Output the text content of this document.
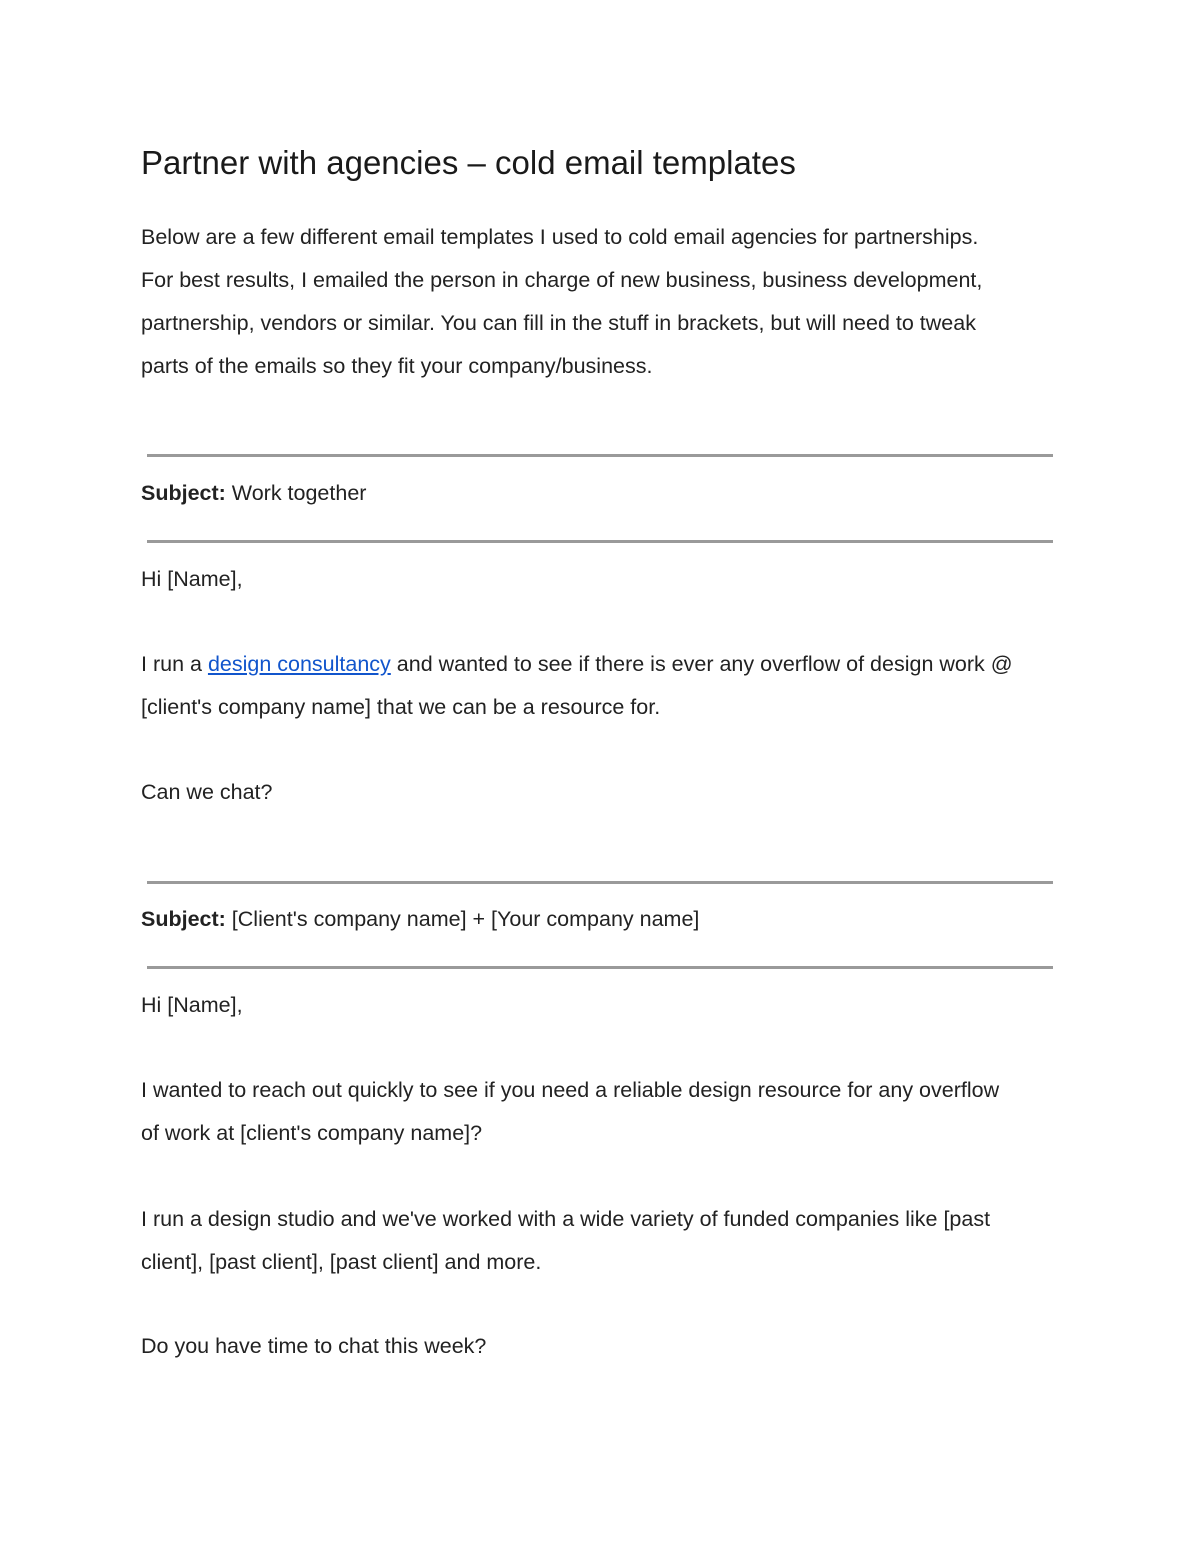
Partner with agencies – cold email templates

Below are a few different email templates I used to cold email agencies for partnerships.
For best results, I emailed the person in charge of new business, business development,
partnership, vendors or similar. You can fill in the stuff in brackets, but will need to tweak
parts of the emails so they fit your company/business.

Subject: Work together

Hi [Name],

I run a design consultancy and wanted to see if there is ever any overflow of design work @
[client's company name] that we can be a resource for.

Can we chat?

Subject: [Client's company name] + [Your company name]

Hi [Name],

I wanted to reach out quickly to see if you need a reliable design resource for any overflow
of work at [client's company name]?

I run a design studio and we've worked with a wide variety of funded companies like [past
client], [past client], [past client] and more.

Do you have time to chat this week?
